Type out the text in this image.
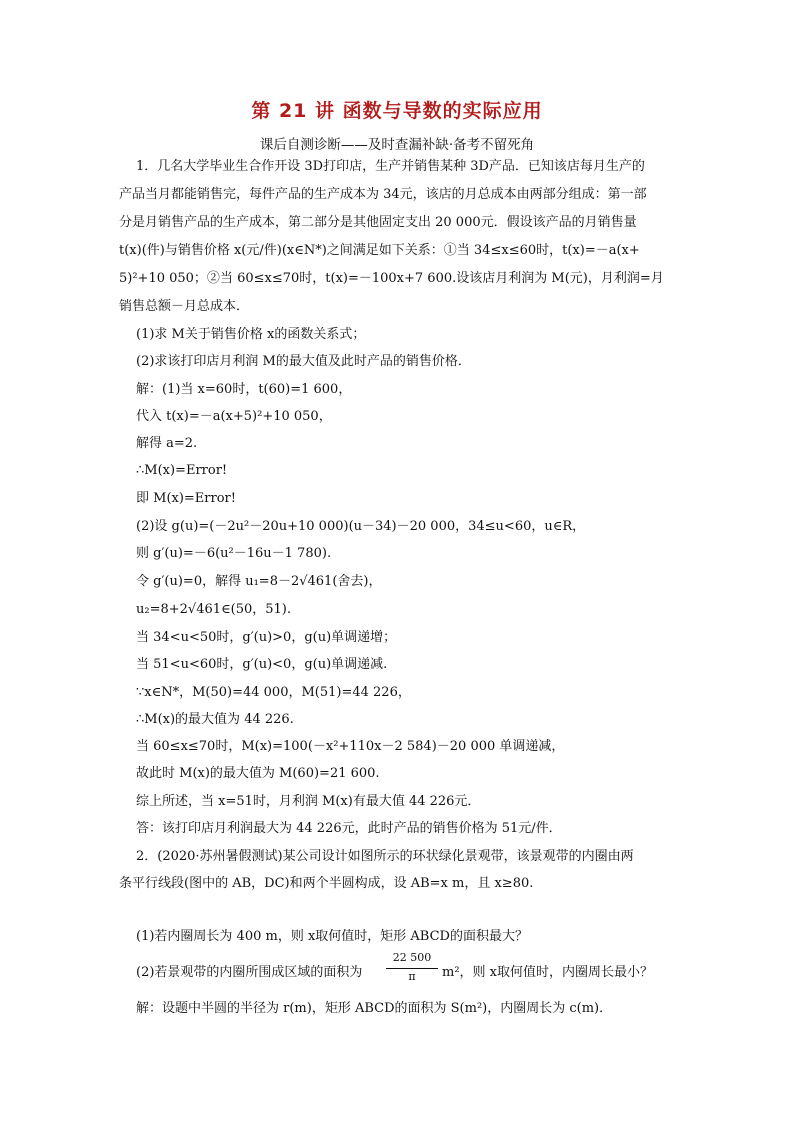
第 21 讲 函数与导数的实际应用
课后自测诊断——及时查漏补缺·备考不留死角
1．几名大学毕业生合作开设 3D打印店，生产并销售某种 3D产品．已知该店每月生产的
产品当月都能销售完，每件产品的生产成本为 34元，该店的月总成本由两部分组成：第一部
分是月销售产品的生产成本，第二部分是其他固定支出 20 000元．假设该产品的月销售量
t(x)(件)与销售价格 x(元/件)(x∈N*)之间满足如下关系：①当 34≤x≤60时，t(x)=－a(x+
5)²+10 050；②当 60≤x≤70时，t(x)=－100x+7 600.设该店月利润为 M(元)，月利润=月
销售总额－月总成本．
(1)求 M关于销售价格 x的函数关系式；
(2)求该打印店月利润 M的最大值及此时产品的销售价格．
解：(1)当 x=60时，t(60)=1 600，
代入 t(x)=－a(x+5)²+10 050，
解得 a=2.
∴M(x)=Error!
即 M(x)=Error!
(2)设 g(u)=(－2u²－20u+10 000)(u－34)－20 000，34≤u<60，u∈R，
则 g′(u)=－6(u²－16u－1 780).
令 g′(u)=0，解得 u₁=8－2√461(舍去)，
u₂=8+2√461∈(50，51).
当 34<u<50时，g′(u)>0，g(u)单调递增；
当 51<u<60时，g′(u)<0，g(u)单调递减.
∵x∈N*，M(50)=44 000，M(51)=44 226，
∴M(x)的最大值为 44 226.
当 60≤x≤70时，M(x)=100(－x²+110x－2 584)－20 000 单调递减，
故此时 M(x)的最大值为 M(60)=21 600.
综上所述，当 x=51时，月利润 M(x)有最大值 44 226元．
答：该打印店月利润最大为 44 226元，此时产品的销售价格为 51元/件．
2．(2020·苏州暑假测试)某公司设计如图所示的环状绿化景观带，该景观带的内圈由两
条平行线段(图中的 AB，DC)和两个半圆构成，设 AB=x m，且 x≥80.
(1)若内圈周长为 400 m，则 x取何值时，矩形 ABCD的面积最大？
(2)若景观带的内圈所围成区域的面积为
22 500
π	m²，则 x取何值时，内圈周长最小？
解：设题中半圆的半径为 r(m)，矩形 ABCD的面积为 S(m²)，内圈周长为 c(m)．
